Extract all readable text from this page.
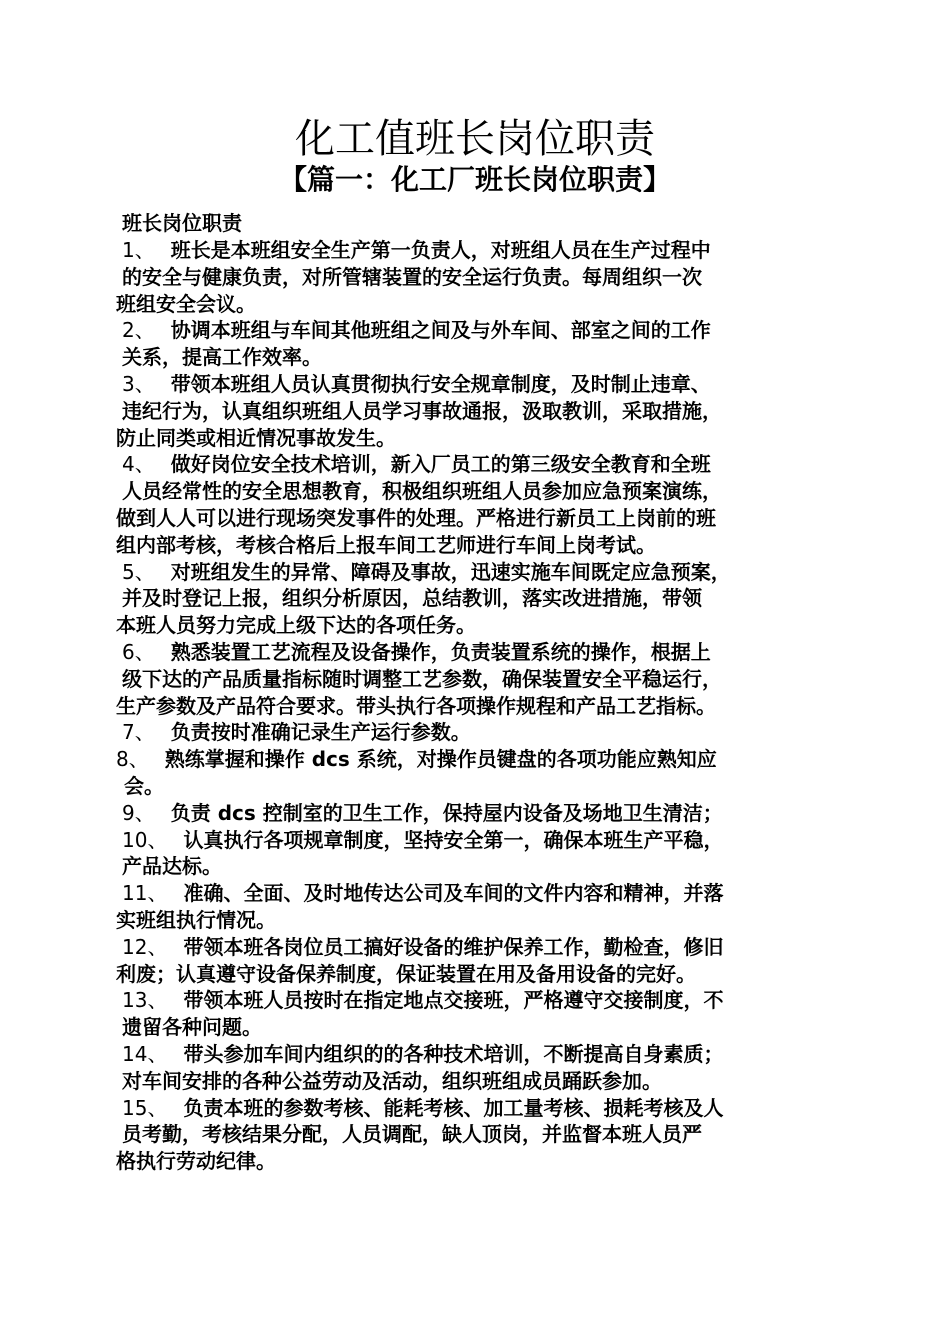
化工值班长岗位职责
【篇一：化工厂班长岗位职责】

班长岗位职责

1、 班长是本班组安全生产第一负责人，对班组人员在生产过程中
的安全与健康负责，对所管辖装置的安全运行负责。每周组织一次
班组安全会议。

2、 协调本班组与车间其他班组之间及与外车间、部室之间的工作
关系，提高工作效率。

3、 带领本班组人员认真贯彻执行安全规章制度，及时制止违章、
违纪行为，认真组织班组人员学习事故通报，汲取教训，采取措施，
防止同类或相近情况事故发生。

4、 做好岗位安全技术培训，新入厂员工的第三级安全教育和全班
人员经常性的安全思想教育，积极组织班组人员参加应急预案演练，
做到人人可以进行现场突发事件的处理。严格进行新员工上岗前的班
组内部考核，考核合格后上报车间工艺师进行车间上岗考试。

5、 对班组发生的异常、障碍及事故，迅速实施车间既定应急预案，
并及时登记上报，组织分析原因，总结教训，落实改进措施，带领
本班人员努力完成上级下达的各项任务。

6、 熟悉装置工艺流程及设备操作，负责装置系统的操作，根据上
级下达的产品质量指标随时调整工艺参数，确保装置安全平稳运行，
生产参数及产品符合要求。带头执行各项操作规程和产品工艺指标。

7、 负责按时准确记录生产运行参数。

8、 熟练掌握和操作 dcs 系统，对操作员键盘的各项功能应熟知应
会。

9、 负责 dcs 控制室的卫生工作，保持屋内设备及场地卫生清洁；

10、 认真执行各项规章制度，坚持安全第一，确保本班生产平稳，
产品达标。

11、 准确、全面、及时地传达公司及车间的文件内容和精神，并落
实班组执行情况。

12、 带领本班各岗位员工搞好设备的维护保养工作，勤检查，修旧
利废；认真遵守设备保养制度，保证装置在用及备用设备的完好。

13、 带领本班人员按时在指定地点交接班，严格遵守交接制度，不
遗留各种问题。

14、 带头参加车间内组织的的各种技术培训，不断提高自身素质；
对车间安排的各种公益劳动及活动，组织班组成员踊跃参加。

15、 负责本班的参数考核、能耗考核、加工量考核、损耗考核及人
员考勤，考核结果分配，人员调配，缺人顶岗，并监督本班人员严
格执行劳动纪律。
